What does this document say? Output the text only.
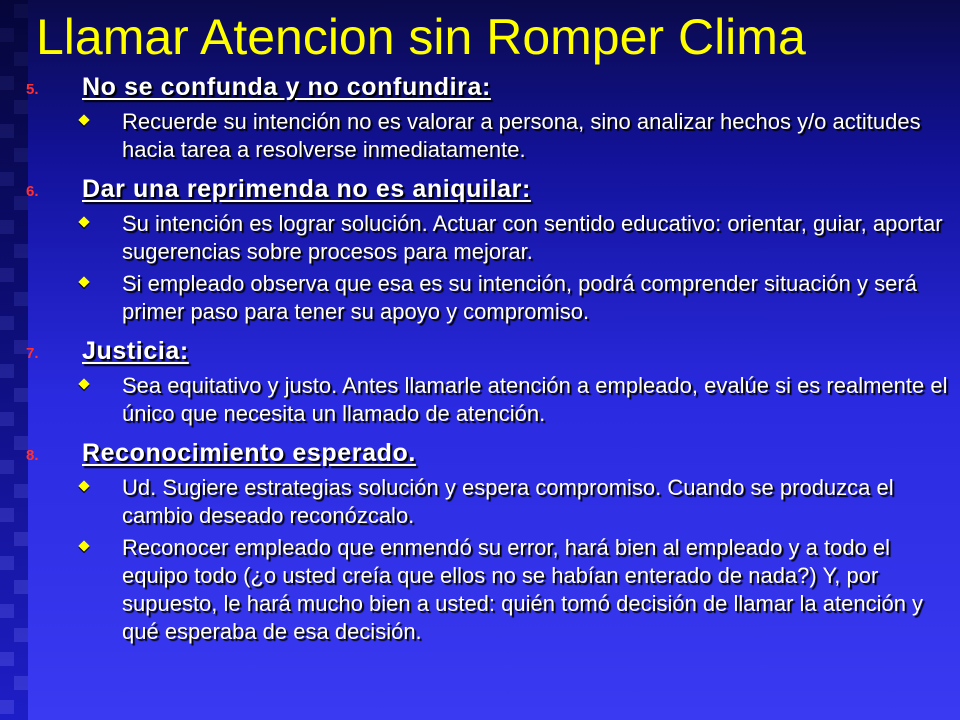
Llamar Atencion sin Romper Clima
5. No se confunda y no confundira:
Recuerde su intención no es valorar a persona, sino analizar hechos y/o actitudes hacia tarea a resolverse inmediatamente.
6. Dar una reprimenda no es aniquilar:
Su intención es lograr solución. Actuar con sentido educativo: orientar, guiar, aportar sugerencias sobre procesos para mejorar.
Si empleado observa que esa es su intención, podrá comprender situación y será primer paso para tener su apoyo y compromiso.
7. Justicia:
Sea equitativo y justo. Antes llamarle atención a empleado, evalúe si es realmente el único que necesita un llamado de atención.
8. Reconocimiento esperado.
Ud. Sugiere estrategias solución y espera compromiso. Cuando se produzca el cambio deseado reconózcalo.
Reconocer empleado que enmendó su error, hará bien al empleado y a todo el equipo todo (¿o usted creía que ellos no se habían enterado de nada?) Y, por supuesto, le hará mucho bien a usted: quién tomó decisión de llamar la atención y qué esperaba de esa decisión.
